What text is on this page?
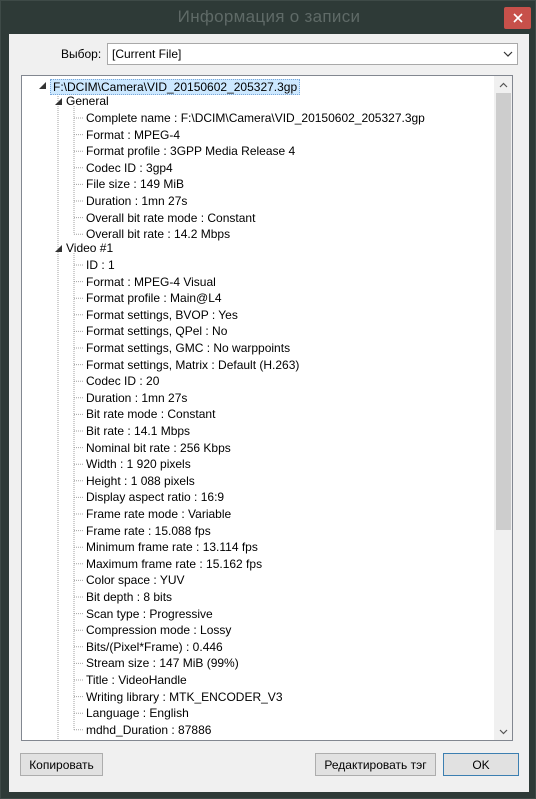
Информация о записи
Выбор: [Current File]
F:\DCIM\Camera\VID_20150602_205327.3gp
General
Complete name : F:\DCIM\Camera\VID_20150602_205327.3gp
Format : MPEG-4
Format profile : 3GPP Media Release 4
Codec ID : 3gp4
File size : 149 MiB
Duration : 1mn 27s
Overall bit rate mode : Constant
Overall bit rate : 14.2 Mbps
Video #1
ID : 1
Format : MPEG-4 Visual
Format profile : Main@L4
Format settings, BVOP : Yes
Format settings, QPel : No
Format settings, GMC : No warppoints
Format settings, Matrix : Default (H.263)
Codec ID : 20
Duration : 1mn 27s
Bit rate mode : Constant
Bit rate : 14.1 Mbps
Nominal bit rate : 256 Kbps
Width : 1 920 pixels
Height : 1 088 pixels
Display aspect ratio : 16:9
Frame rate mode : Variable
Frame rate : 15.088 fps
Minimum frame rate : 13.114 fps
Maximum frame rate : 15.162 fps
Color space : YUV
Bit depth : 8 bits
Scan type : Progressive
Compression mode : Lossy
Bits/(Pixel*Frame) : 0.446
Stream size : 147 MiB (99%)
Title : VideoHandle
Writing library : MTK_ENCODER_V3
Language : English
mdhd_Duration : 87886
Копировать	Редактировать тэг	OK
